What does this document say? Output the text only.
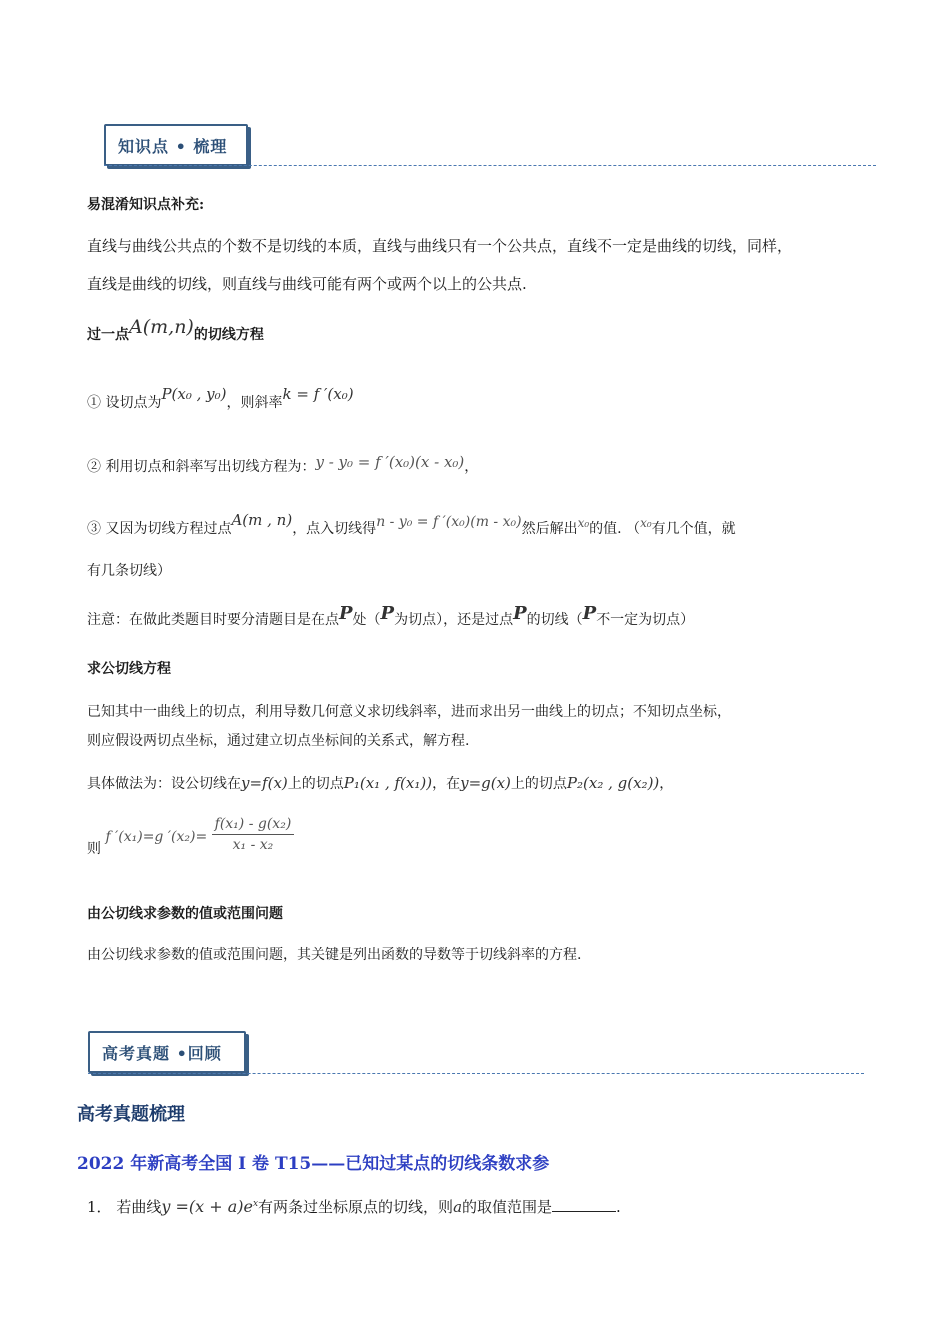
知识点 • 梳理
易混淆知识点补充:
直线与曲线公共点的个数不是切线的本质，直线与曲线只有一个公共点，直线不一定是曲线的切线，同样，
直线是曲线的切线，则直线与曲线可能有两个或两个以上的公共点.
过一点A(m,n)的切线方程
① 设切点为P(x₀ , y₀)，则斜率k = f ′(x₀)
② 利用切点和斜率写出切线方程为：y - y₀ = f ′(x₀)(x - x₀)，
③ 又因为切线方程过点A(m , n)，点入切线得n - y₀ = f ′(x₀)(m - x₀)然后解出x₀的值. （x₀有几个值，就
有几条切线）
注意：在做此类题目时要分清题目是在点P处（P为切点），还是过点P的切线（P不一定为切点）
求公切线方程
已知其中一曲线上的切点，利用导数几何意义求切线斜率，进而求出另一曲线上的切点；不知切点坐标，
则应假设两切点坐标，通过建立切点坐标间的关系式，解方程.
具体做法为：设公切线在y=f(x)上的切点P₁(x₁ , f(x₁))，在y=g(x)上的切点P₂(x₂ , g(x₂))，
则 f ′(x₁)=g $'(x_2)= \frac{\text{f(x₁) - g(x₂)}}{\text{x₁ - x₂}}$
由公切线求参数的值或范围问题
由公切线求参数的值或范围问题，其关键是列出函数的导数等于切线斜率的方程.
高考真题 •回顾
高考真题梳理
2022 年新高考全国 I 卷 T15——已知过某点的切线条数求参
1． 若曲线$y =(x + a)e^x$有两条过坐标原点的切线，则a的取值范围是	.
